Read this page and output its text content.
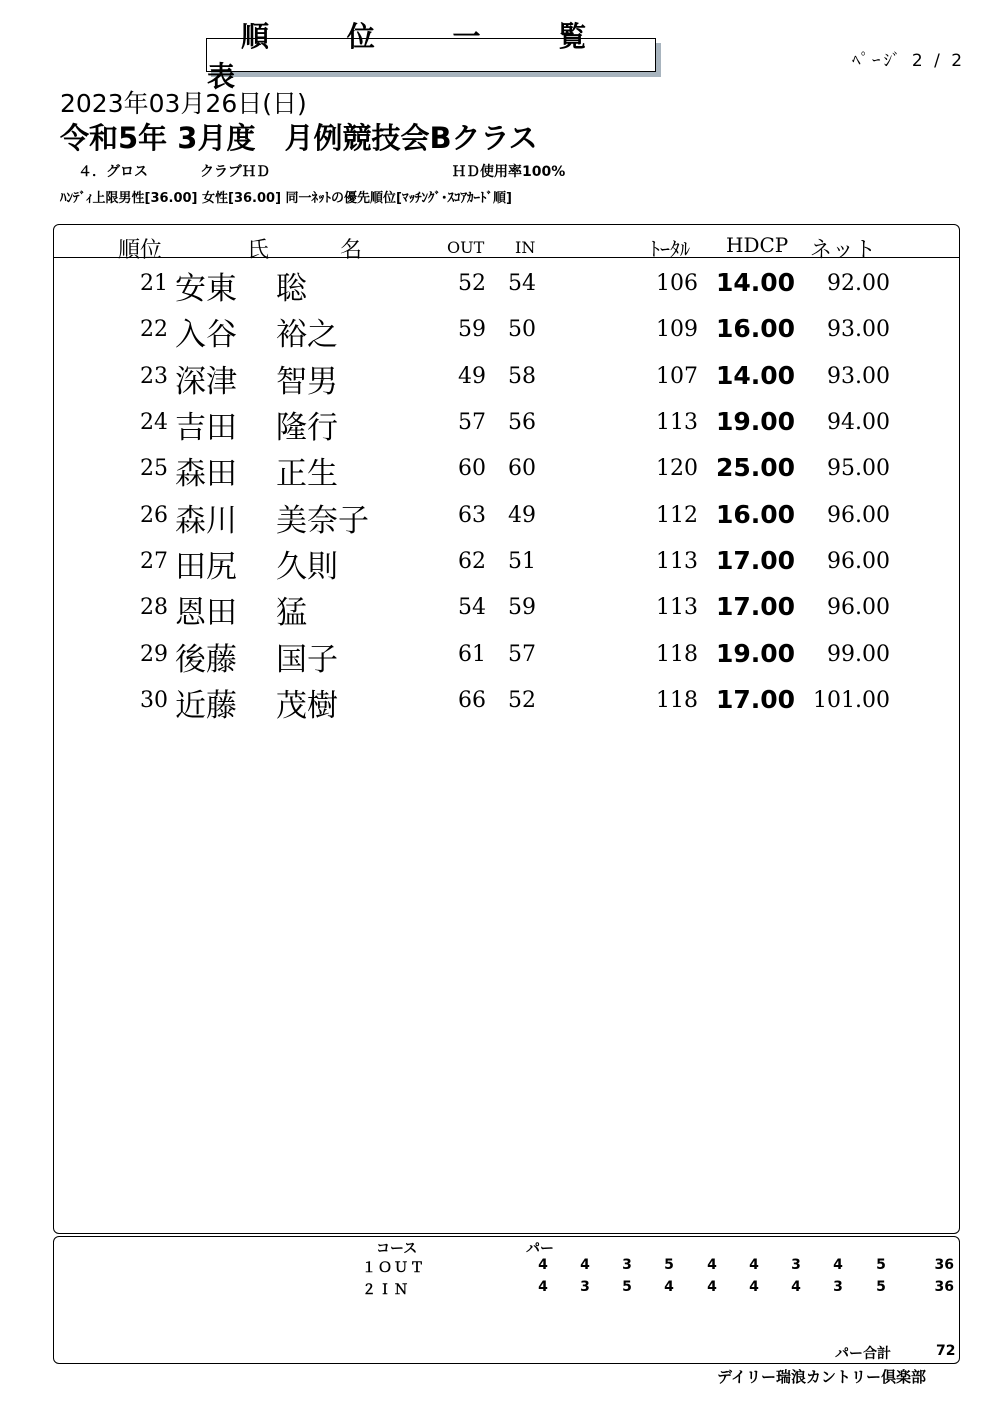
順 位 一 覧 表	ﾍﾟｰｼﾞ 2 / 2
2023年03月26日(日)
令和5年 3月度　月例競技会Bクラス
４．グロス	クラブＨＤ	ＨＤ使用率100%
ﾊﾝﾃﾞｨ上限男性[36.00] 女性[36.00] 同一ﾈｯﾄの優先順位[ﾏｯﾁﾝｸﾞ･ｽｺｱｶｰﾄﾞ順]
順位	氏	名	OUT IN	ﾄｰﾀﾙ HDCP ネット
21 安東 聡	52 54	106 14.00	92.00
22 入谷 裕之	59 50	109 16.00	93.00
23 深津 智男	49 58	107 14.00	93.00
24 吉田 隆行	57 56	113 19.00	94.00
25 森田 正生	60 60	120 25.00	95.00
26 森川 美奈子	63 49	112 16.00	96.00
27 田尻 久則	62 51	113 17.00	96.00
28 恩田 猛	54 59	113 17.00	96.00
29 後藤 国子	61 57	118 19.00	99.00
30 近藤 茂樹	66 52	118 17.00 101.00
コース	パー
１ＯＵＴ	4	4	3	5	4	4	3	4	5	36
２ＩＮ	4	3	5	4	4	4	4	3	5	36
パー合計	72
デイリー瑞浪カントリー倶楽部
